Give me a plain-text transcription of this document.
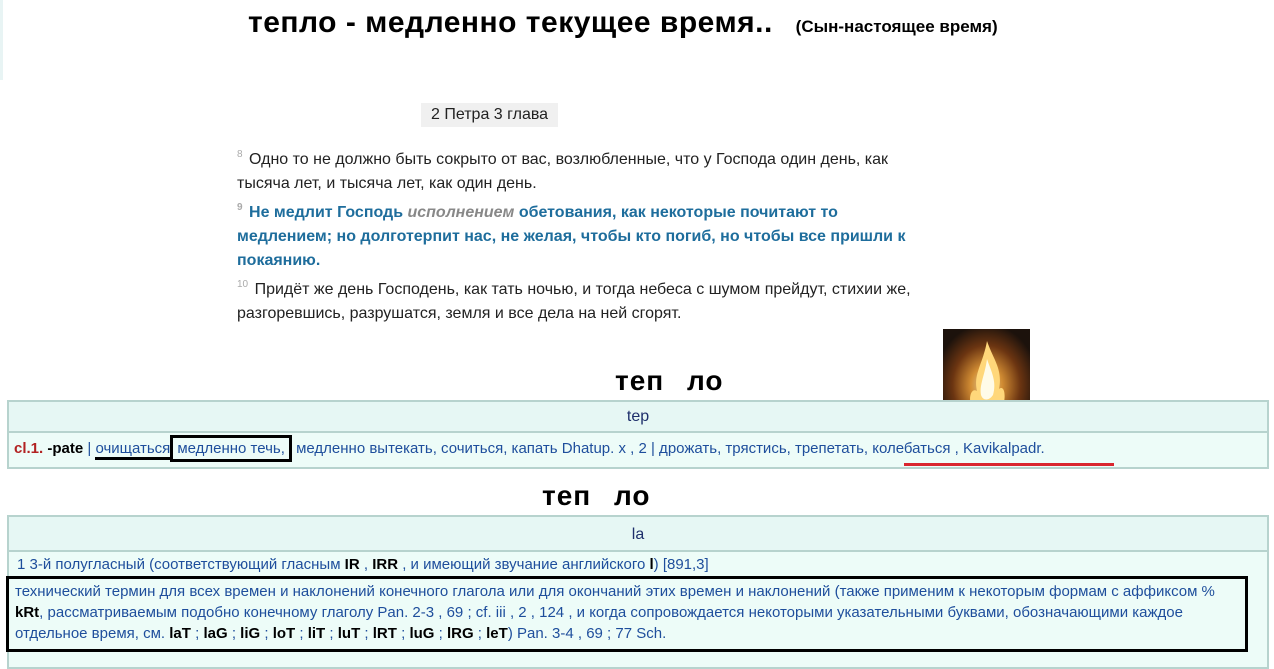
тепло - медленно текущее время.. (Сын-настоящее время)
2 Петра 3 глава
$^8$ Одно то не должно быть сокрыто от вас, возлюбленные, что у Господа один день, как тысяча лет, и тысяча лет, как один день.
$^9$ Не медлит Господь исполнением обетования, как некоторые почитают то медлением; но долготерпит нас, не желая, чтобы кто погиб, но чтобы все пришли к покаянию.
$^{10}$ Придёт же день Господень, как тать ночью, и тогда небеса с шумом прейдут, стихии же, разгоревшись, разрушатся, земля и все дела на ней сгорят.
теп ло
tep
cl.1. -pate | очищаться медленно течь, медленно вытекать, сочиться, капать Dhatup. x , 2 | дрожать, трястись, трепетать, колебаться , Kavikalpadr.
теп ло
la
1 3-й полугласный (соответствующий гласным IR , IRR , и имеющий звучание английского l) [891,3]
технический термин для всех времен и наклонений конечного глагола или для окончаний этих времен и наклонений (также применим к некоторым формам с аффиксом % kRt, рассматриваемым подобно конечному глаголу Pan. 2-3 , 69 ; cf. iii , 2 , 124 , и когда сопровождается некоторыми указательными буквами, обозначающими каждое отдельное время, см. laT ; laG ; liG ; loT ; liT ; luT ; lRT ; luG ; lRG ; leT) Pan. 3-4 , 69 ; 77 Sch.
